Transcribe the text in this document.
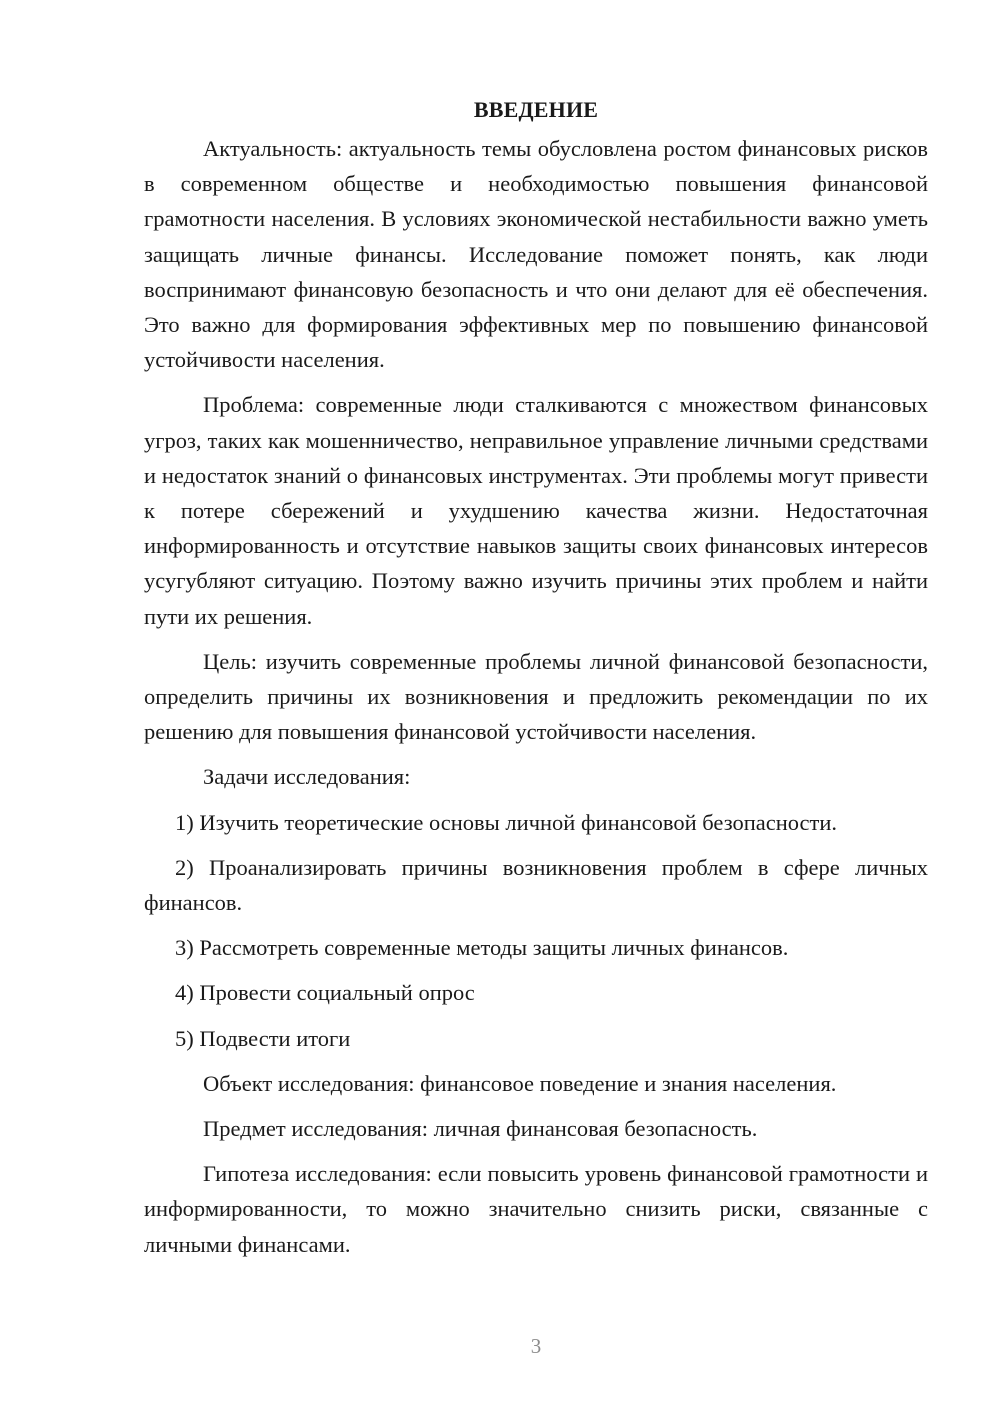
ВВЕДЕНИЕ

Актуальность: актуальность темы обусловлена ростом финансовых рисков в современном обществе и необходимостью повышения финансовой грамотности населения. В условиях экономической нестабильности важно уметь защищать личные финансы. Исследование поможет понять, как люди воспринимают финансовую безопасность и что они делают для её обеспечения. Это важно для формирования эффективных мер по повышению финансовой устойчивости населения.

Проблема: современные люди сталкиваются с множеством финансовых угроз, таких как мошенничество, неправильное управление личными средствами и недостаток знаний о финансовых инструментах. Эти проблемы могут привести к потере сбережений и ухудшению качества жизни. Недостаточная информированность и отсутствие навыков защиты своих финансовых интересов усугубляют ситуацию. Поэтому важно изучить причины этих проблем и найти пути их решения.

Цель: изучить современные проблемы личной финансовой безопасности, определить причины их возникновения и предложить рекомендации по их решению для повышения финансовой устойчивости населения.

Задачи исследования:

1) Изучить теоретические основы личной финансовой безопасности.

2) Проанализировать причины возникновения проблем в сфере личных финансов.

3) Рассмотреть современные методы защиты личных финансов.

4) Провести социальный опрос

5) Подвести итоги

Объект исследования: финансовое поведение и знания населения.

Предмет исследования: личная финансовая безопасность.

Гипотеза исследования: если повысить уровень финансовой грамотности и информированности, то можно значительно снизить риски, связанные с личными финансами.

3
